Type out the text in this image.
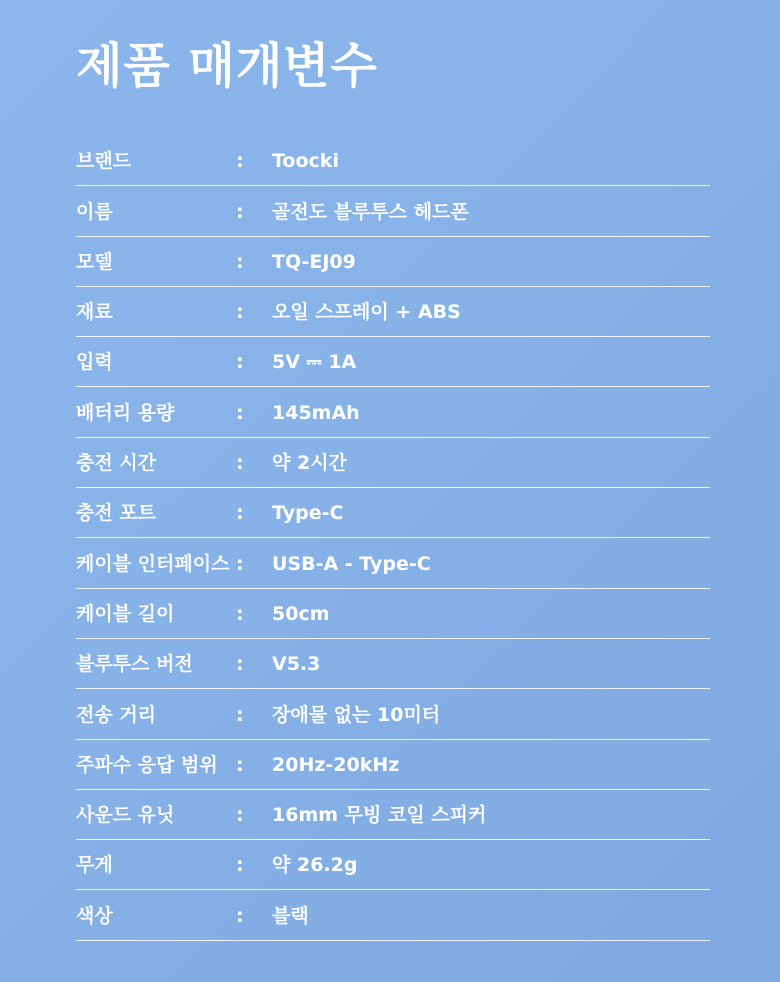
제품 매개변수
브랜드	: Toocki
이름	: 골전도 블루투스 헤드폰
모델	: TQ-EJ09
재료	: 오일 스프레이 + ABS
입력	: 5V ⎓ 1A
배터리 용량	: 145mAh
충전 시간	: 약 2시간
충전 포트	: Type-C
케이블 인터페이스 : USB-A - Type-C
케이블 길이	: 50cm
블루투스 버전 : V5.3
전송 거리	: 장애물 없는 10미터
주파수 응답 범위 : 20Hz-20kHz
사운드 유닛	: 16mm 무빙 코일 스피커
무게	: 약 26.2g
색상	: 블랙
